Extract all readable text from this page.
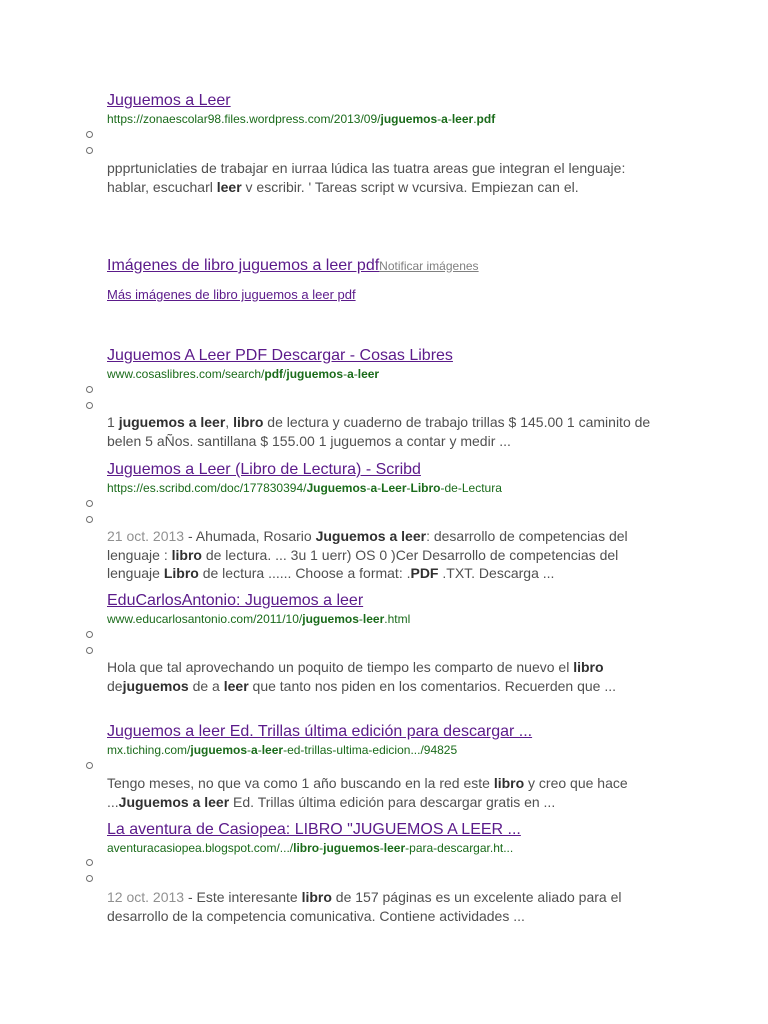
Juguemos a Leer
https://zonaescolar98.files.wordpress.com/2013/09/juguemos-a-leer.pdf
ppprtuniclaties de trabajar en iurraa lúdica las tuatra areas gue integran el lenguaje: hablar, escucharl leer v escribir. ' Tareas script w vcursiva. Empiezan can el.
Imágenes de libro juguemos a leer pdfNotificar imágenes
Más imágenes de libro juguemos a leer pdf
Juguemos A Leer PDF Descargar - Cosas Libres
www.cosaslibres.com/search/pdf/juguemos-a-leer
1 juguemos a leer, libro de lectura y cuaderno de trabajo trillas $ 145.00 1 caminito de belen 5 aÑos. santillana $ 155.00 1 juguemos a contar y medir ...
Juguemos a Leer (Libro de Lectura) - Scribd
https://es.scribd.com/doc/177830394/Juguemos-a-Leer-Libro-de-Lectura
21 oct. 2013 - Ahumada, Rosario Juguemos a leer: desarrollo de competencias del lenguaje : libro de lectura. ... 3u 1 uerr) OS 0 )Cer Desarrollo de competencias del lenguaje Libro de lectura ...... Choose a format: .PDF .TXT. Descarga ...
EduCarlosAntonio: Juguemos a leer
www.educarlosantonio.com/2011/10/juguemos-leer.html
Hola que tal aprovechando un poquito de tiempo les comparto de nuevo el libro dejuguemos de a leer que tanto nos piden en los comentarios. Recuerden que ...
Juguemos a leer Ed. Trillas última edición para descargar ...
mx.tiching.com/juguemos-a-leer-ed-trillas-ultima-edicion.../94825
Tengo meses, no que va como 1 año buscando en la red este libro y creo que hace ...Juguemos a leer Ed. Trillas última edición para descargar gratis en ...
La aventura de Casiopea: LIBRO "JUGUEMOS A LEER ...
aventuracasiopea.blogspot.com/.../libro-juguemos-leer-para-descargar.ht...
12 oct. 2013 - Este interesante libro de 157 páginas es un excelente aliado para el desarrollo de la competencia comunicativa. Contiene actividades ...
